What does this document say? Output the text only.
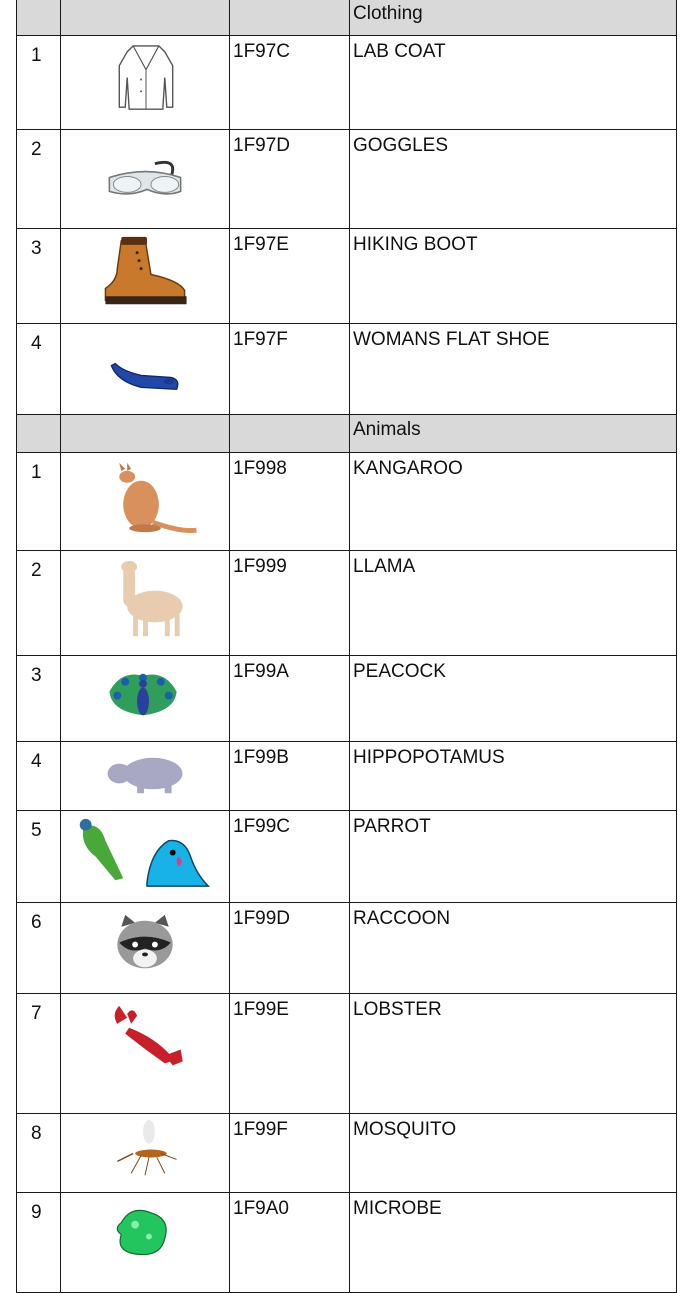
			Clothing
1		1F97C	LAB COAT
2		1F97D	GOGGLES
3		1F97E	HIKING BOOT
4		1F97F	WOMANS FLAT SHOE
			Animals
1		1F998	KANGAROO
2		1F999	LLAMA
3		1F99A	PEACOCK
4		1F99B	HIPPOPOTAMUS
5		1F99C	PARROT
6		1F99D	RACCOON
7		1F99E	LOBSTER
8		1F99F	MOSQUITO
9		1F9A0	MICROBE
